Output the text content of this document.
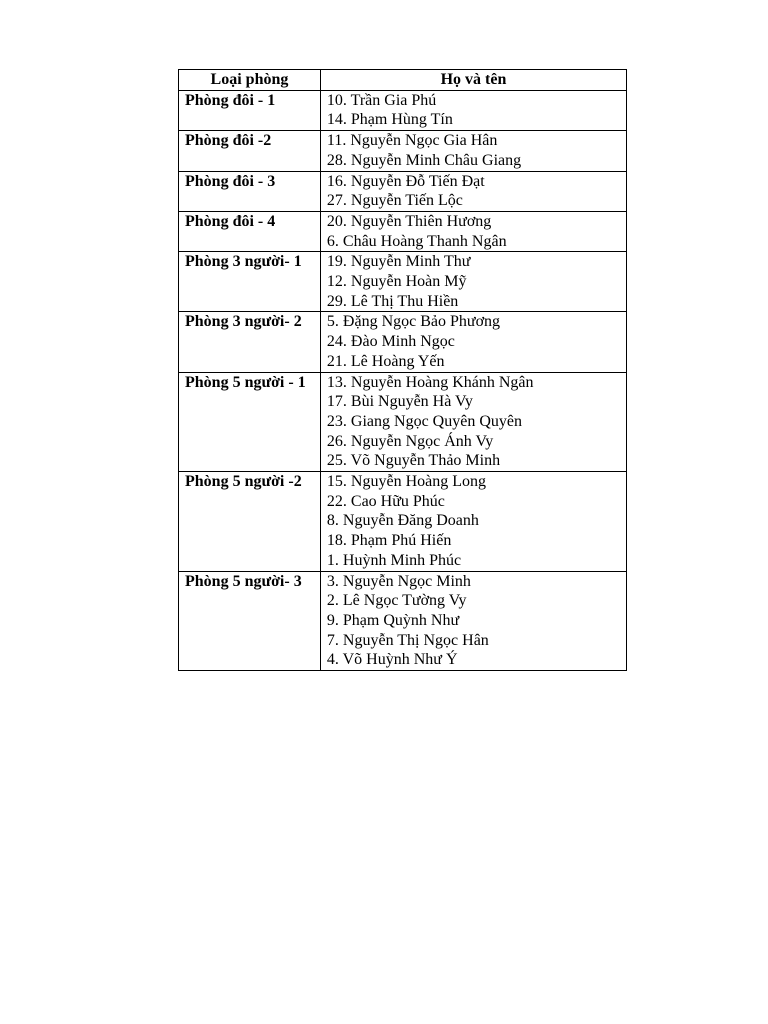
Loại phòng	Họ và tên
Phòng đôi - 1	10. Trần Gia Phú
14. Phạm Hùng Tín

Phòng đôi -2	11. Nguyễn Ngọc Gia Hân
28. Nguyễn Minh Châu Giang

Phòng đôi - 3	16. Nguyễn Đỗ Tiến Đạt
27. Nguyễn Tiến Lộc

Phòng đôi - 4	20. Nguyễn Thiên Hương
6. Châu Hoàng Thanh Ngân

Phòng 3 người- 1	19. Nguyễn Minh Thư
12. Nguyễn Hoàn Mỹ
29. Lê Thị Thu Hiền

Phòng 3 người- 2	5. Đặng Ngọc Bảo Phương
24. Đào Minh Ngọc
21. Lê Hoàng Yến

Phòng 5 người - 1	13. Nguyễn Hoàng Khánh Ngân
17. Bùi Nguyễn Hà Vy
23. Giang Ngọc Quyên Quyên
26. Nguyễn Ngọc Ánh Vy
25. Võ Nguyễn Thảo Minh

Phòng 5 người -2	15. Nguyễn Hoàng Long
22. Cao Hữu Phúc
8. Nguyễn Đăng Doanh
18. Phạm Phú Hiến
1. Huỳnh Minh Phúc

Phòng 5 người- 3	3. Nguyễn Ngọc Minh
2. Lê Ngọc Tường Vy
9. Phạm Quỳnh Như
7. Nguyễn Thị Ngọc Hân
4. Võ Huỳnh Như Ý
